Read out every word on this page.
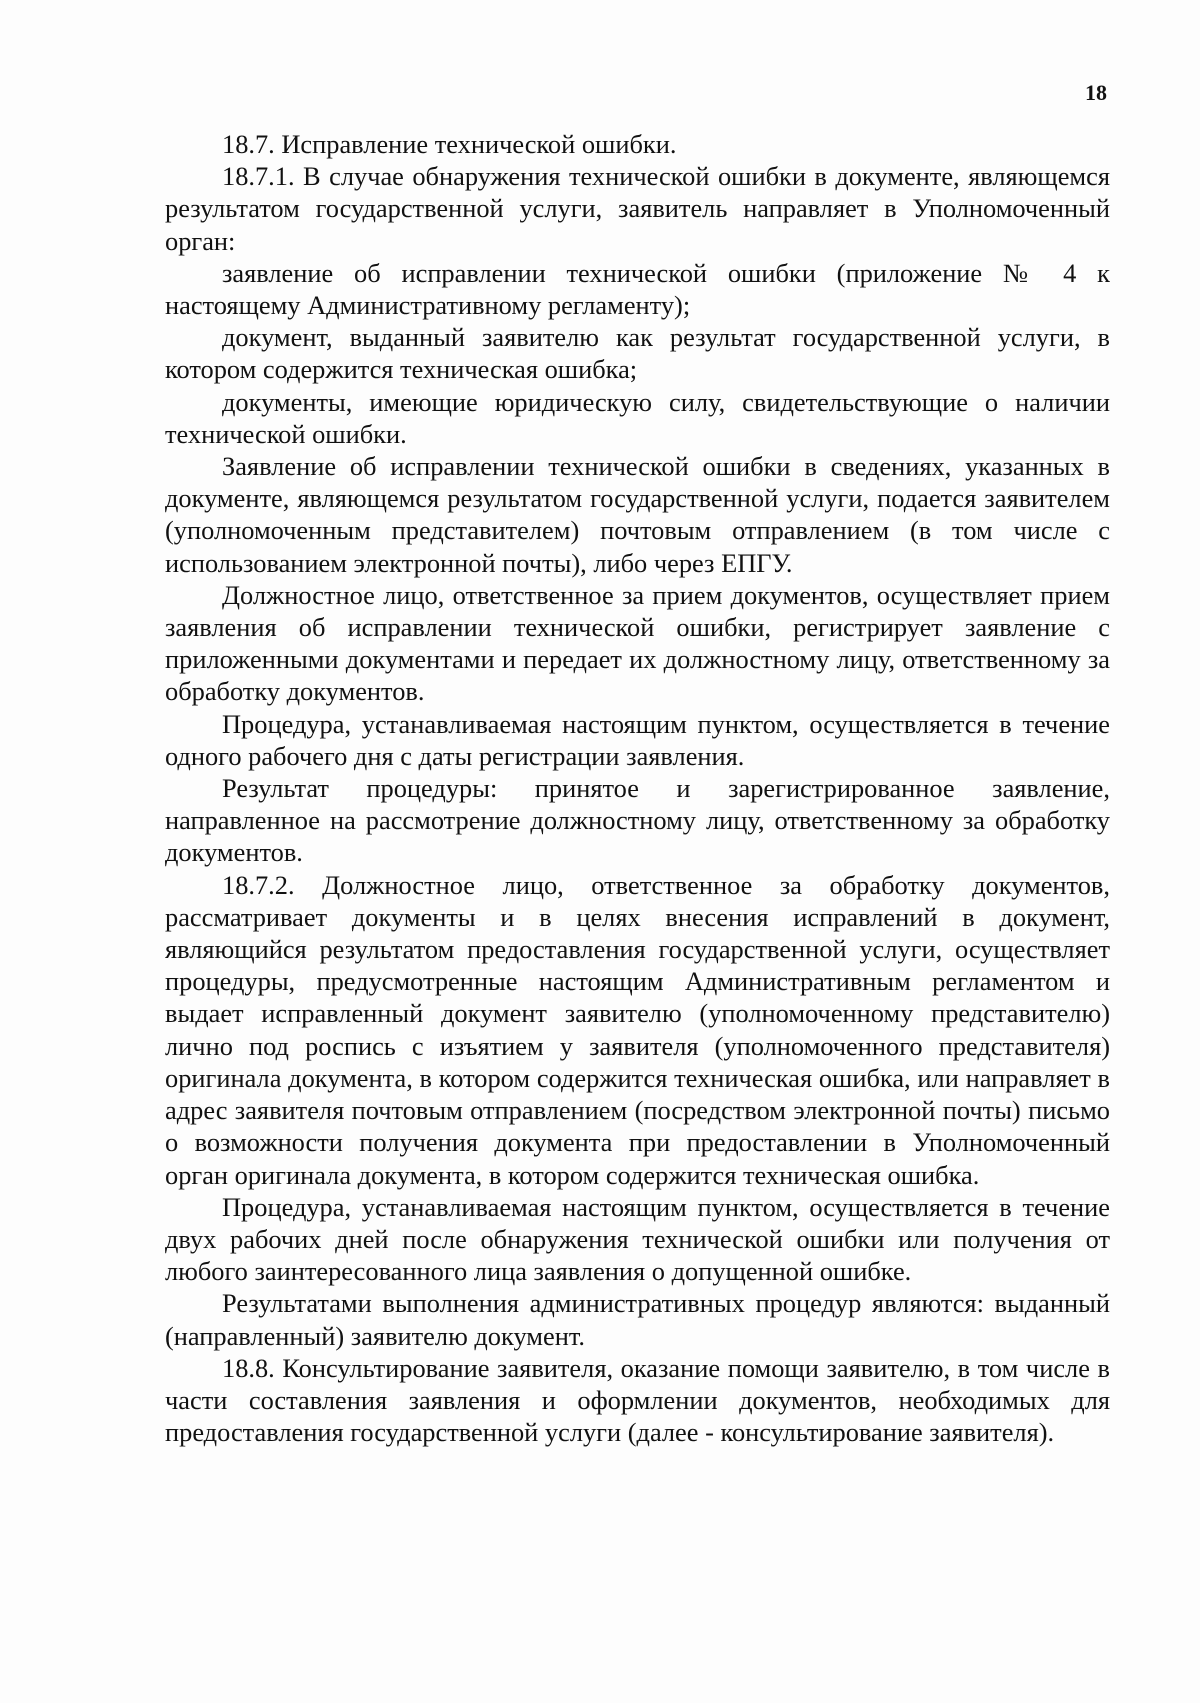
18

18.7. Исправление технической ошибки.

18.7.1. В случае обнаружения технической ошибки в документе, являющемся результатом государственной услуги, заявитель направляет в Уполномоченный орган:

заявление об исправлении технической ошибки (приложение № 4 к настоящему Административному регламенту);

документ, выданный заявителю как результат государственной услуги, в котором содержится техническая ошибка;

документы, имеющие юридическую силу, свидетельствующие о наличии технической ошибки.

Заявление об исправлении технической ошибки в сведениях, указанных в документе, являющемся результатом государственной услуги, подается заявителем (уполномоченным представителем) почтовым отправлением (в том числе с использованием электронной почты), либо через ЕПГУ.

Должностное лицо, ответственное за прием документов, осуществляет прием заявления об исправлении технической ошибки, регистрирует заявление с приложенными документами и передает их должностному лицу, ответственному за обработку документов.

Процедура, устанавливаемая настоящим пунктом, осуществляется в течение одного рабочего дня с даты регистрации заявления.

Результат процедуры: принятое и зарегистрированное заявление, направленное на рассмотрение должностному лицу, ответственному за обработку документов.

18.7.2. Должностное лицо, ответственное за обработку документов, рассматривает документы и в целях внесения исправлений в документ, являющийся результатом предоставления государственной услуги, осуществляет процедуры, предусмотренные настоящим Административным регламентом и выдает исправленный документ заявителю (уполномоченному представителю) лично под роспись с изъятием у заявителя (уполномоченного представителя) оригинала документа, в котором содержится техническая ошибка, или направляет в адрес заявителя почтовым отправлением (посредством электронной почты) письмо о возможности получения документа при предоставлении в Уполномоченный орган оригинала документа, в котором содержится техническая ошибка.

Процедура, устанавливаемая настоящим пунктом, осуществляется в течение двух рабочих дней после обнаружения технической ошибки или получения от любого заинтересованного лица заявления о допущенной ошибке.

Результатами выполнения административных процедур являются: выданный (направленный) заявителю документ.

18.8. Консультирование заявителя, оказание помощи заявителю, в том числе в части составления заявления и оформлении документов, необходимых для предоставления государственной услуги (далее - консультирование заявителя).
